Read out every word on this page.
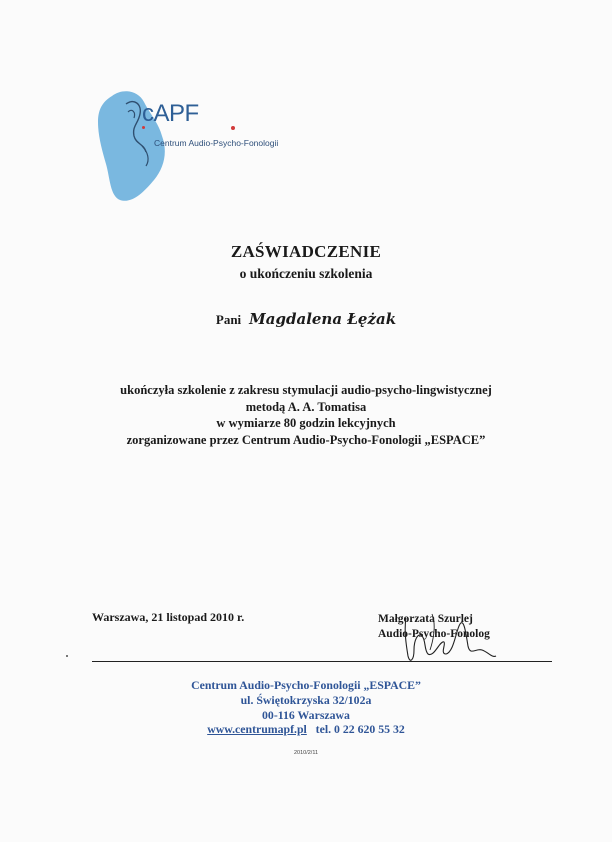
cAPF
Centrum Audio-Psycho-Fonologii
ZAŚWIADCZENIE
o ukończeniu szkolenia
Pani Magdalena Łężak
ukończyła szkolenie z zakresu stymulacji audio-psycho-lingwistycznej
metodą A. A. Tomatisa
w wymiarze 80 godzin lekcyjnych
zorganizowane przez Centrum Audio-Psycho-Fonologii „ESPACE”
Warszawa, 21 listopad 2010 r.	Małgorzata Szurlej
Audio-Psycho-Fonolog
Centrum Audio-Psycho-Fonologii „ESPACE”
ul. Świętokrzyska 32/102a
00-116 Warszawa
www.centrumapf.pl tel. 0 22 620 55 32
2010/2/11
